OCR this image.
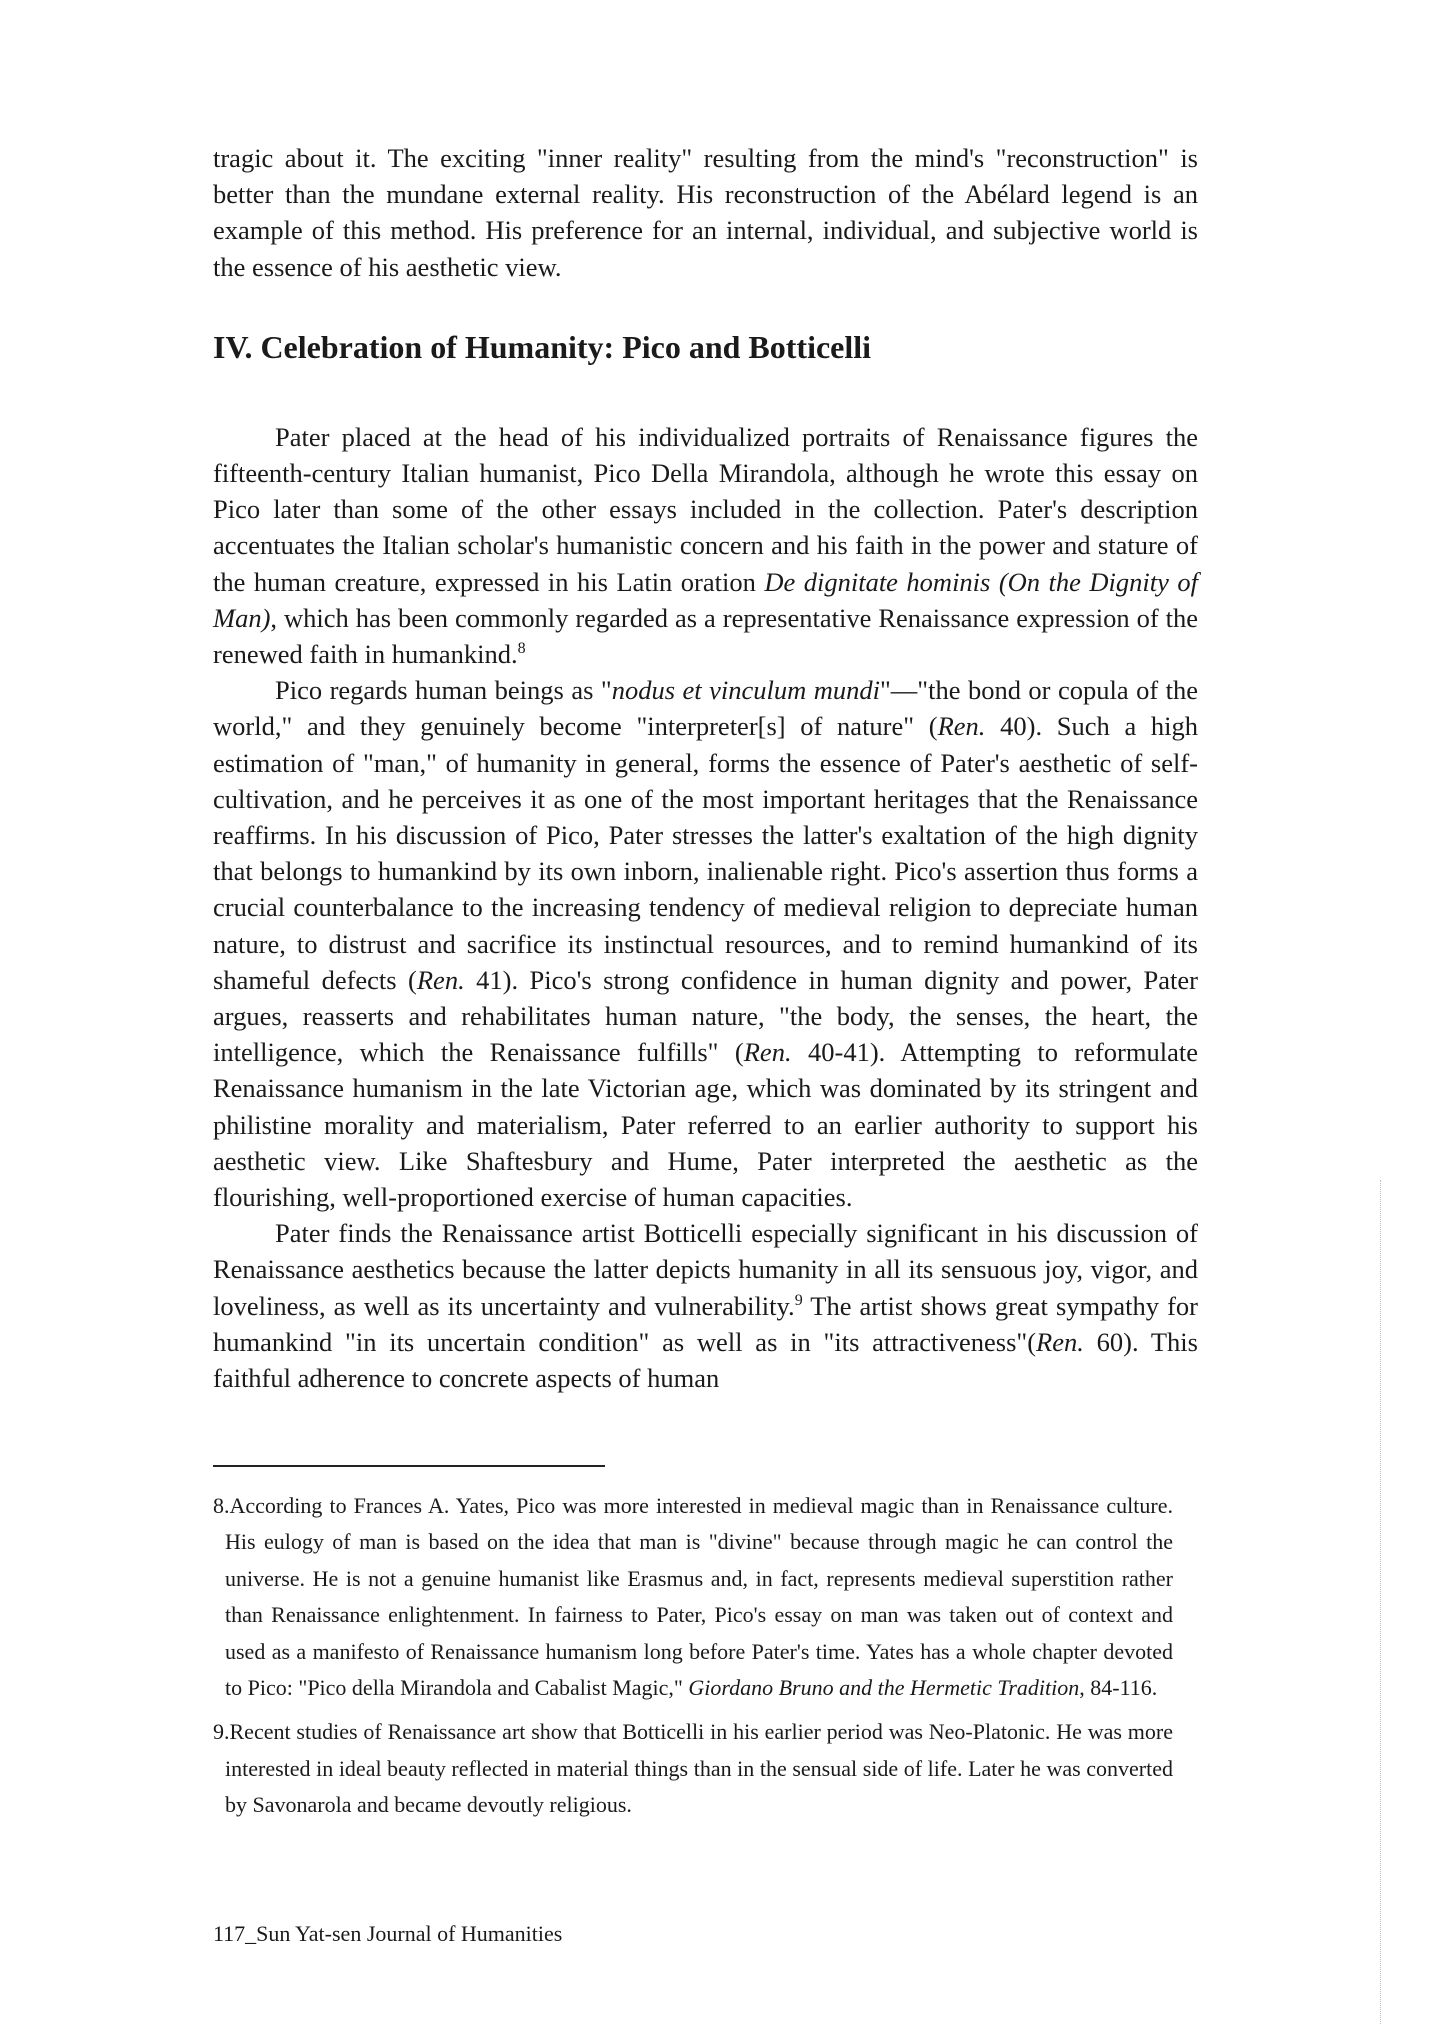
tragic about it. The exciting "inner reality" resulting from the mind's "reconstruction" is better than the mundane external reality. His reconstruction of the Abélard legend is an example of this method. His preference for an internal, individual, and subjective world is the essence of his aesthetic view.

IV. Celebration of Humanity: Pico and Botticelli

Pater placed at the head of his individualized portraits of Renaissance figures the fifteenth-century Italian humanist, Pico Della Mirandola, although he wrote this essay on Pico later than some of the other essays included in the collection. Pater's description accentuates the Italian scholar's humanistic concern and his faith in the power and stature of the human creature, expressed in his Latin oration De dignitate hominis (On the Dignity of Man), which has been commonly regarded as a representative Renaissance expression of the renewed faith in humankind.$^8$

Pico regards human beings as "nodus et vinculum mundi"—"the bond or copula of the world," and they genuinely become "interpreter[s] of nature" (Ren. 40). Such a high estimation of "man," of humanity in general, forms the essence of Pater's aesthetic of self-cultivation, and he perceives it as one of the most important heritages that the Renaissance reaffirms. In his discussion of Pico, Pater stresses the latter's exaltation of the high dignity that belongs to humankind by its own inborn, inalienable right. Pico's assertion thus forms a crucial counterbalance to the increasing tendency of medieval religion to depreciate human nature, to distrust and sacrifice its instinctual resources, and to remind humankind of its shameful defects (Ren. 41). Pico's strong confidence in human dignity and power, Pater argues, reasserts and rehabilitates human nature, "the body, the senses, the heart, the intelligence, which the Renaissance fulfills" (Ren. 40-41). Attempting to reformulate Renaissance humanism in the late Victorian age, which was dominated by its stringent and philistine morality and materialism, Pater referred to an earlier authority to support his aesthetic view. Like Shaftesbury and Hume, Pater interpreted the aesthetic as the flourishing, well-proportioned exercise of human capacities.

Pater finds the Renaissance artist Botticelli especially significant in his discussion of Renaissance aesthetics because the latter depicts humanity in all its sensuous joy, vigor, and loveliness, as well as its uncertainty and vulnerability.$^9$ The artist shows great sympathy for humankind "in its uncertain condition" as well as in "its attractiveness"(Ren. 60). This faithful adherence to concrete aspects of human

8.According to Frances A. Yates, Pico was more interested in medieval magic than in Renaissance culture. His eulogy of man is based on the idea that man is "divine" because through magic he can control the universe. He is not a genuine humanist like Erasmus and, in fact, represents medieval superstition rather than Renaissance enlightenment. In fairness to Pater, Pico's essay on man was taken out of context and used as a manifesto of Renaissance humanism long before Pater's time. Yates has a whole chapter devoted to Pico: "Pico della Mirandola and Cabalist Magic," Giordano Bruno and the Hermetic Tradition, 84-116.

9.Recent studies of Renaissance art show that Botticelli in his earlier period was Neo-Platonic. He was more interested in ideal beauty reflected in material things than in the sensual side of life. Later he was converted by Savonarola and became devoutly religious.

117_Sun Yat-sen Journal of Humanities
